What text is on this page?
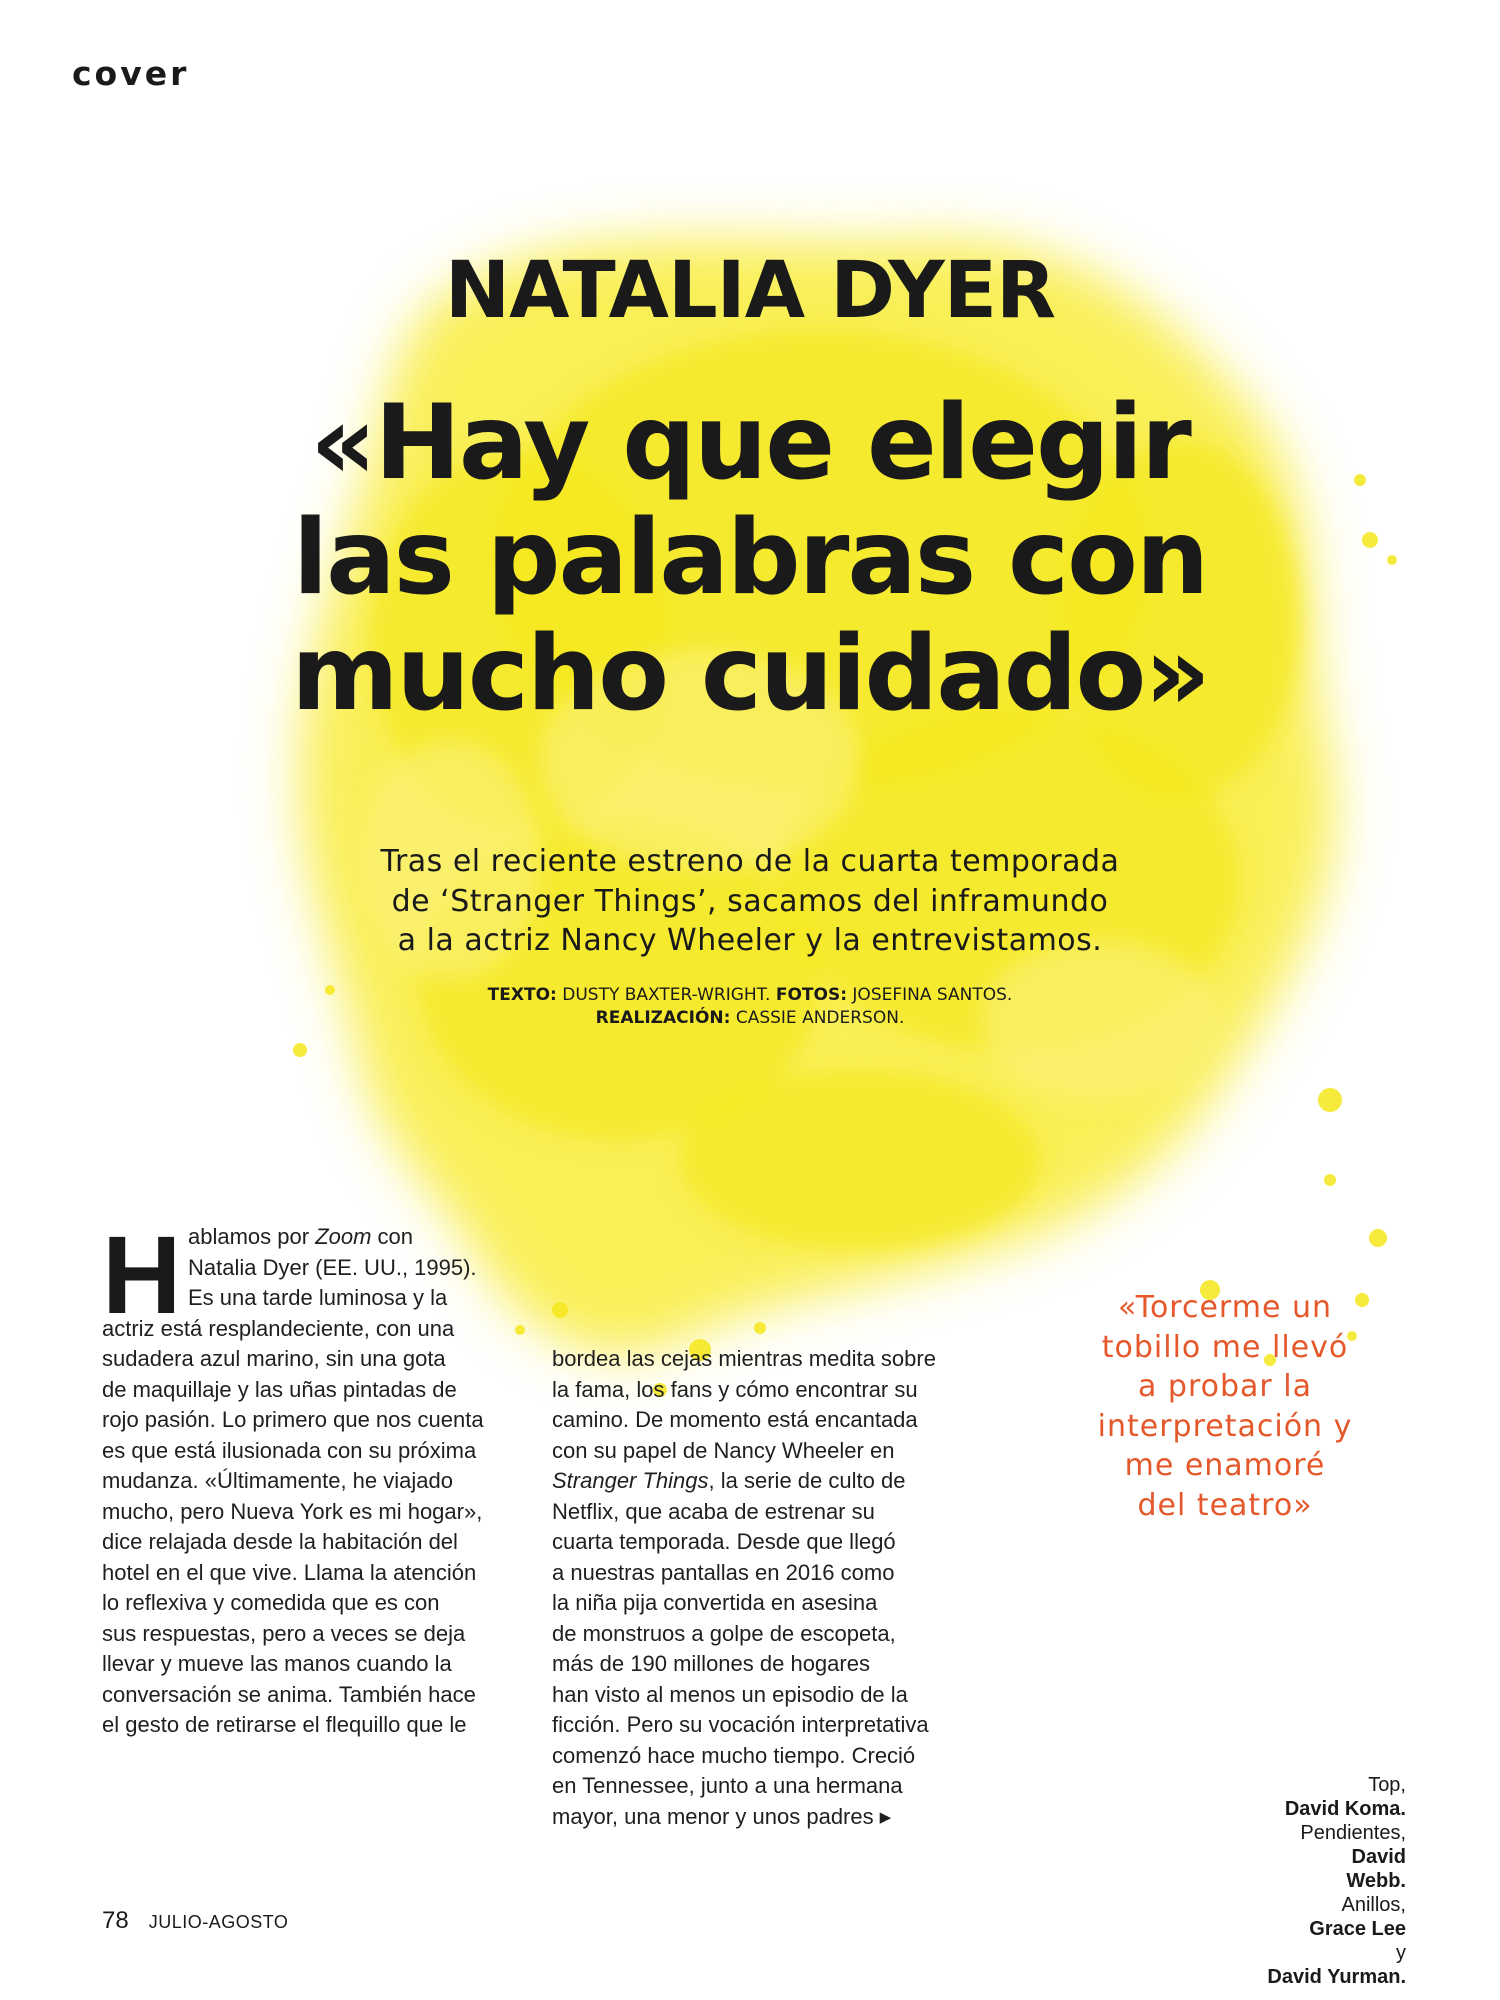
cover
NATALIA DYER
«Hay que elegir
las palabras con
mucho cuidado»
Tras el reciente estreno de la cuarta temporada
de ‘Stranger Things’, sacamos del inframundo
a la actriz Nancy Wheeler y la entrevistamos.
TEXTO: DUSTY BAXTER-WRIGHT. FOTOS: JOSEFINA SANTOS.
REALIZACIÓN: CASSIE ANDERSON.
H ablamos por Zoom con
Natalia Dyer (EE. UU., 1995).
Es una tarde luminosa y la
actriz está resplandeciente, con una
sudadera azul marino, sin una gota
de maquillaje y las uñas pintadas de
rojo pasión. Lo primero que nos cuenta
es que está ilusionada con su próxima
mudanza. «Últimamente, he viajado
mucho, pero Nueva York es mi hogar»,
dice relajada desde la habitación del
hotel en el que vive. Llama la atención
lo reflexiva y comedida que es con
sus respuestas, pero a veces se deja
llevar y mueve las manos cuando la
conversación se anima. También hace
el gesto de retirarse el flequillo que le
bordea las cejas mientras medita sobre
la fama, los fans y cómo encontrar su
camino. De momento está encantada
con su papel de Nancy Wheeler en
Stranger Things, la serie de culto de
Netflix, que acaba de estrenar su
cuarta temporada. Desde que llegó
a nuestras pantallas en 2016 como
la niña pija convertida en asesina
de monstruos a golpe de escopeta,
más de 190 millones de hogares
han visto al menos un episodio de la
ficción. Pero su vocación interpretativa
comenzó hace mucho tiempo. Creció
en Tennessee, junto a una hermana
mayor, una menor y unos padres ▶
«Torcerme un
tobillo me llevó
a probar la
interpretación y
me enamoré
del teatro»
Top,
David Koma.
Pendientes,
David
Webb.
Anillos,
Grace Lee
y
David Yurman.
78 JULIO-AGOSTO
